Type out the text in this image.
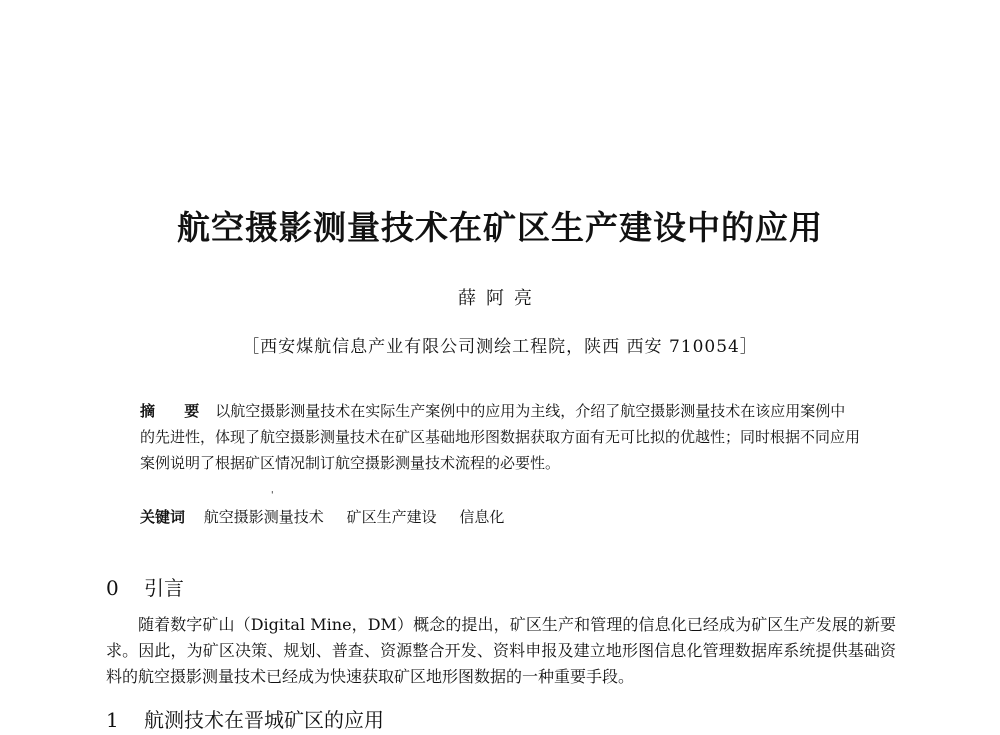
航空摄影测量技术在矿区生产建设中的应用
薛阿亮
［西安煤航信息产业有限公司测绘工程院，陕西 西安 710054］
摘 要 以航空摄影测量技术在实际生产案例中的应用为主线，介绍了航空摄影测量技术在该应用案例中的先进性，体现了航空摄影测量技术在矿区基础地形图数据获取方面有无可比拟的优越性；同时根据不同应用案例说明了根据矿区情况制订航空摄影测量技术流程的必要性。
'
关键词 航空摄影测量技术 矿区生产建设 信息化
0 引言
随着数字矿山（Digital Mine，DM）概念的提出，矿区生产和管理的信息化已经成为矿区生产发展的新要求。因此，为矿区决策、规划、普查、资源整合开发、资料申报及建立地形图信息化管理数据库系统提供基础资料的航空摄影测量技术已经成为快速获取矿区地形图数据的一种重要手段。
1 航测技术在晋城矿区的应用
